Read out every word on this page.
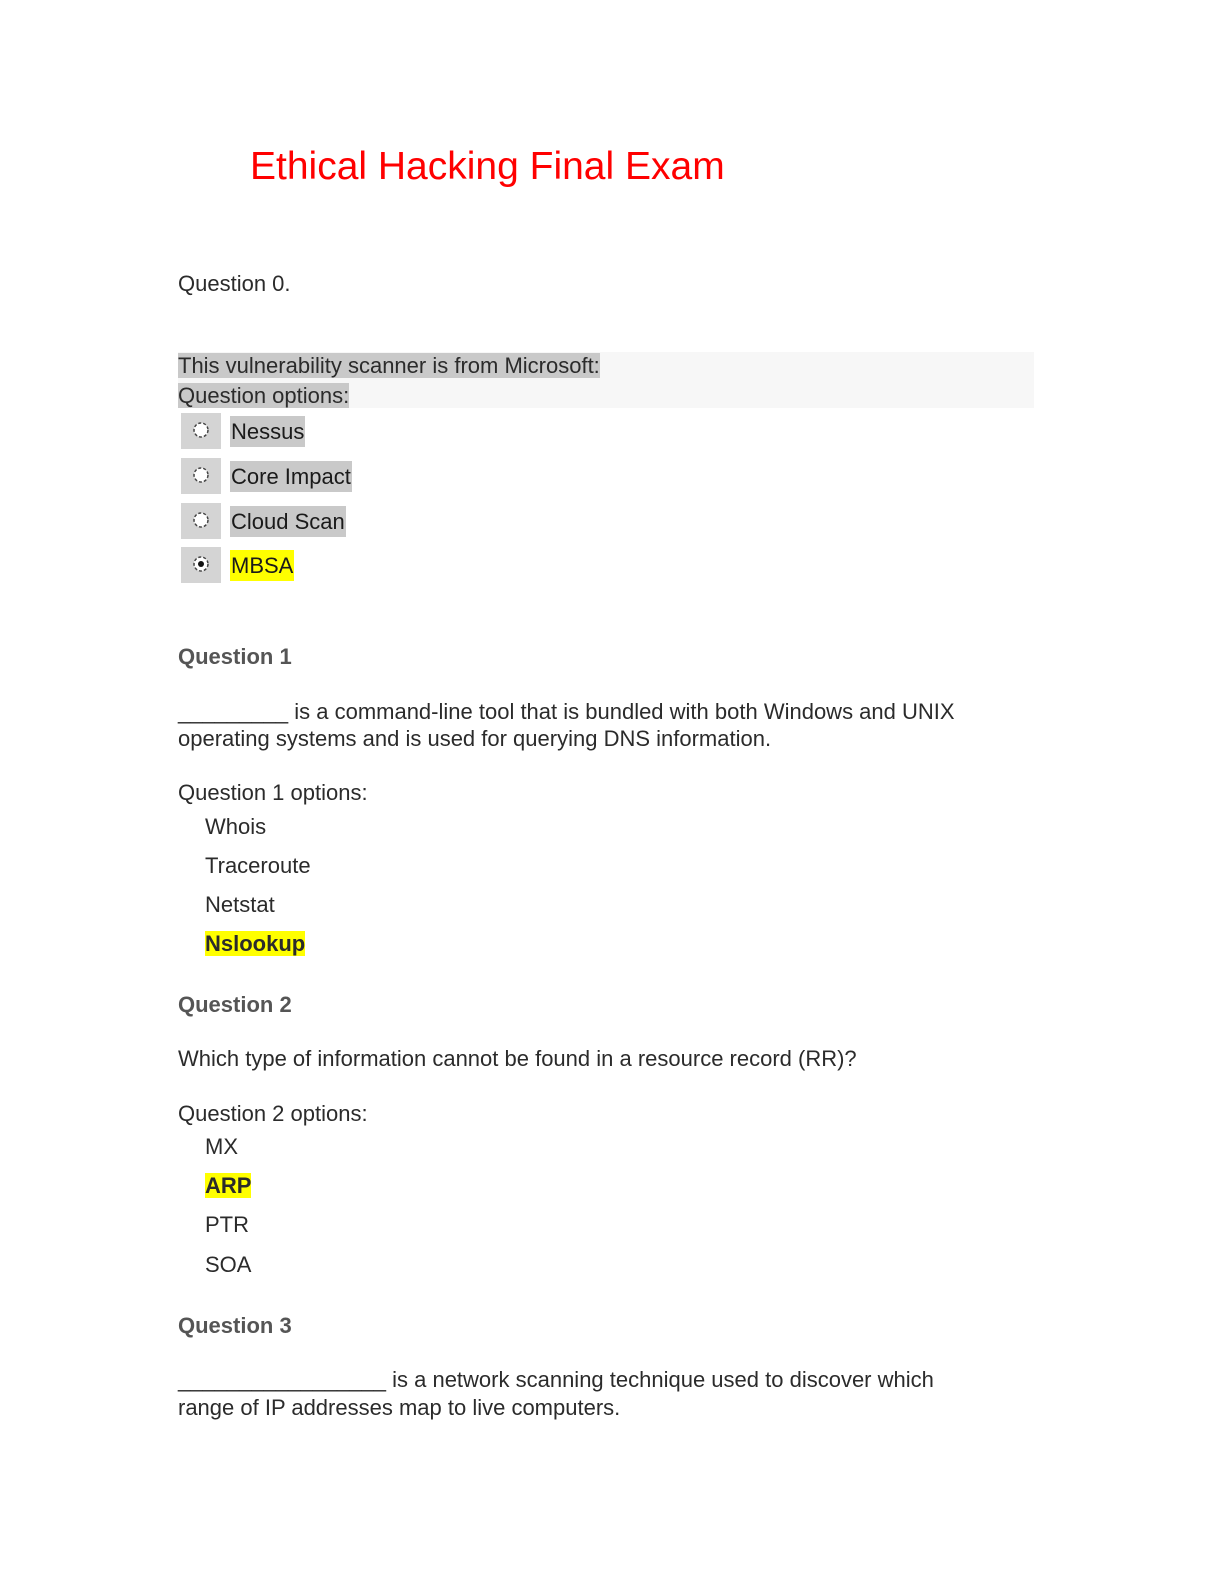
Ethical Hacking Final Exam
Question 0.
This vulnerability scanner is from Microsoft:
Question options:
Nessus
Core Impact
Cloud Scan
MBSA
Question 1
_________ is a command-line tool that is bundled with both Windows and UNIX
operating systems and is used for querying DNS information.
Question 1 options:
Whois
Traceroute
Netstat
Nslookup
Question 2
Which type of information cannot be found in a resource record (RR)?
Question 2 options:
MX
ARP
PTR
SOA
Question 3
_________________ is a network scanning technique used to discover which
range of IP addresses map to live computers.
